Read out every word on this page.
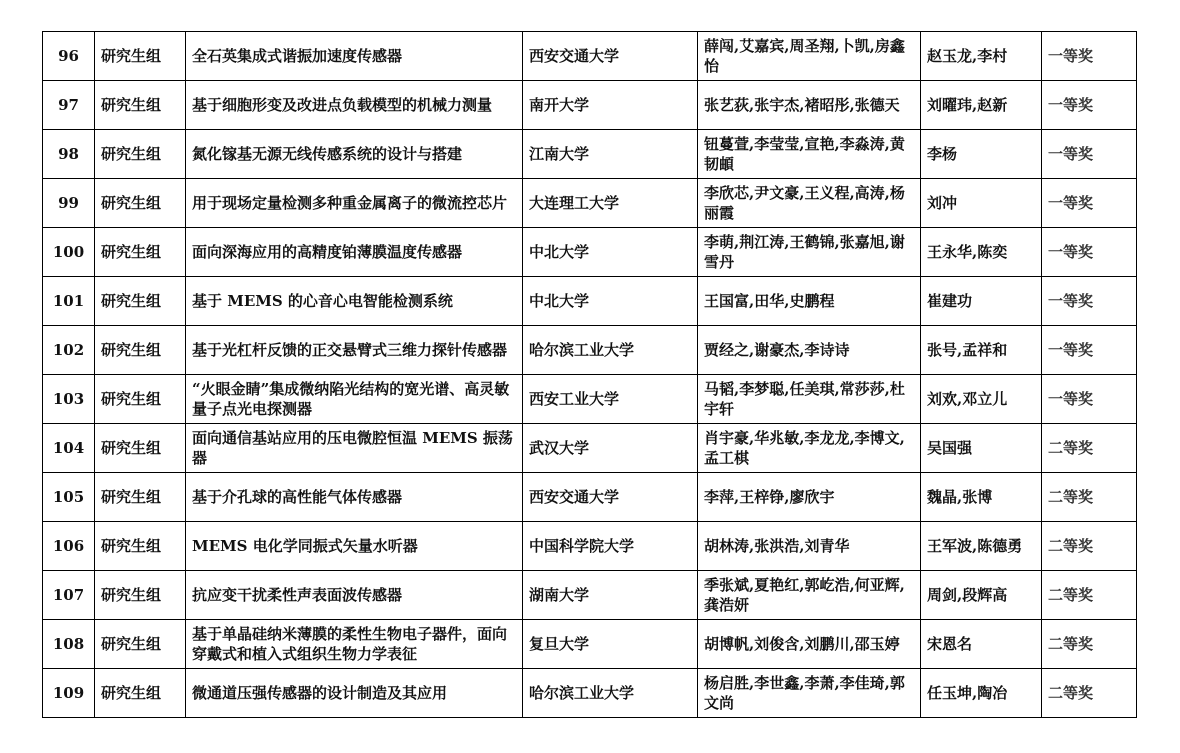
96	研究生组	全石英集成式谐振加速度传感器	西安交通大学	薛闯,艾嘉宾,周圣翔,卜凯,房鑫怡	赵玉龙,李村	一等奖

97	研究生组	基于细胞形变及改进点负载模型的机械力测量	南开大学	张艺荻,张宇杰,褚昭彤,张德天	刘曜玮,赵新	一等奖

98	研究生组	氮化镓基无源无线传感系统的设计与搭建	江南大学	钮蔓萱,李莹莹,宣艳,李淼涛,黄韧頔	李杨	一等奖

99	研究生组	用于现场定量检测多种重金属离子的微流控芯片	大连理工大学	李欣芯,尹文豪,王义程,高涛,杨丽霞	刘冲	一等奖

100	研究生组	面向深海应用的高精度铂薄膜温度传感器	中北大学	李萌,荆江涛,王鹤锦,张嘉旭,谢雪丹	王永华,陈奕	一等奖

101	研究生组	基于 MEMS 的心音心电智能检测系统	中北大学	王国富,田华,史鹏程	崔建功	一等奖

102	研究生组	基于光杠杆反馈的正交悬臂式三维力探针传感器	哈尔滨工业大学	贾经之,谢豪杰,李诗诗	张号,孟祥和	一等奖

103	研究生组	“火眼金睛”集成微纳陷光结构的宽光谱、高灵敏量子点光电探测器	西安工业大学	马韬,李梦聪,任美琪,常莎莎,杜宇轩	刘欢,邓立儿	一等奖

104	研究生组	面向通信基站应用的压电微腔恒温 MEMS 振荡器	武汉大学	肖宇豪,华兆敏,李龙龙,李博文,孟工棋	吴国强	二等奖

105	研究生组	基于介孔球的高性能气体传感器	西安交通大学	李萍,王梓铮,廖欣宇	魏晶,张博	二等奖

106	研究生组	MEMS 电化学同振式矢量水听器	中国科学院大学	胡林涛,张洪浩,刘青华	王军波,陈德勇	二等奖

107	研究生组	抗应变干扰柔性声表面波传感器	湖南大学	季张斌,夏艳红,郭屹浩,何亚辉,龚浩妍	周剑,段辉高	二等奖

108	研究生组	基于单晶硅纳米薄膜的柔性生物电子器件，面向穿戴式和植入式组织生物力学表征	复旦大学	胡博帆,刘俊含,刘鹏川,邵玉婷	宋恩名	二等奖

109	研究生组	微通道压强传感器的设计制造及其应用	哈尔滨工业大学	杨启胜,李世鑫,李萧,李佳琦,郭文尚	任玉坤,陶冶	二等奖
